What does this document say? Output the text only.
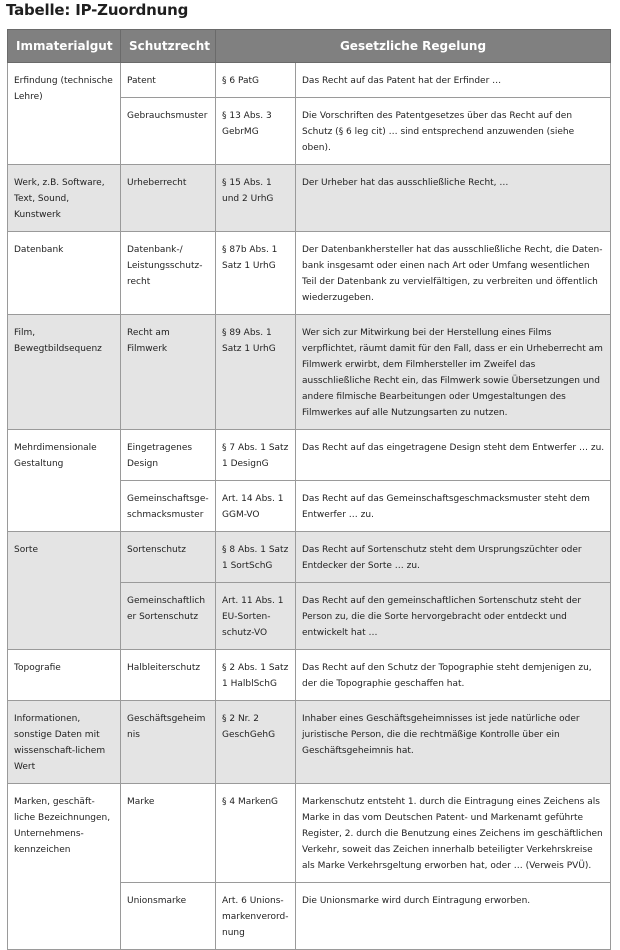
Tabelle: IP-Zuordnung
Immaterialgut	Schutzrecht	Gesetzliche Regelung	
Erfindung (technische Lehre)	Patent	§ 6 PatG	Das Recht auf das Patent hat der Erfinder …
	Gebrauchsmuster	§ 13 Abs. 3 GebrMG	Die Vorschriften des Patentgesetzes über das Recht auf den Schutz (§ 6 leg cit) … sind entsprechend anzuwenden (siehe oben).
Werk, z.B. Software, Text, Sound, Kunstwerk	Urheberrecht	§ 15 Abs. 1 und 2 UrhG	Der Urheber hat das ausschließliche Recht, …
Datenbank	Datenbank-/ Leistungsschutz-recht	§ 87b Abs. 1 Satz 1 UrhG	Der Datenbankhersteller hat das ausschließliche Recht, die Daten-bank insgesamt oder einen nach Art oder Umfang wesentlichen Teil der Datenbank zu vervielfältigen, zu verbreiten und öffentlich wiederzugeben.
Film, Bewegtbildsequenz	Recht am Filmwerk	§ 89 Abs. 1 Satz 1 UrhG	Wer sich zur Mitwirkung bei der Herstellung eines Films verpflichtet, räumt damit für den Fall, dass er ein Urheberrecht am Filmwerk erwirbt, dem Filmhersteller im Zweifel das ausschließliche Recht ein, das Filmwerk sowie Übersetzungen und andere filmische Bearbeitungen oder Umgestaltungen des Filmwerkes auf alle Nutzungsarten zu nutzen.
Mehrdimensionale Gestaltung	Eingetragenes Design	§ 7 Abs. 1 Satz 1 DesignG	Das Recht auf das eingetragene Design steht dem Entwerfer … zu.
	Gemeinschaftsge-schmacksmuster	Art. 14 Abs. 1 GGM-VO	Das Recht auf das Gemeinschaftsgeschmacksmuster steht dem Entwerfer … zu.
Sorte	Sortenschutz	§ 8 Abs. 1 Satz 1 SortSchG	Das Recht auf Sortenschutz steht dem Ursprungszüchter oder Entdecker der Sorte … zu.
	Gemeinschaftlicher Sortenschutz	Art. 11 Abs. 1 EU-Sorten-schutz-VO	Das Recht auf den gemeinschaftlichen Sortenschutz steht der Person zu, die die Sorte hervorgebracht oder entdeckt und entwickelt hat …
Topografie	Halbleiterschutz	§ 2 Abs. 1 Satz 1 HalblSchG	Das Recht auf den Schutz der Topographie steht demjenigen zu, der die Topographie geschaffen hat.
Informationen, sonstige Daten mit wissenschaft-lichem Wert	Geschäftsgeheimnis	§ 2 Nr. 2 GeschGehG	Inhaber eines Geschäftsgeheimnisses ist jede natürliche oder juristische Person, die die rechtmäßige Kontrolle über ein Geschäftsgeheimnis hat.
Marken, geschäft-liche Bezeichnungen, Unternehmens-kennzeichen	Marke	§ 4 MarkenG	Markenschutz entsteht 1. durch die Eintragung eines Zeichens als Marke in das vom Deutschen Patent- und Markenamt geführte Register, 2. durch die Benutzung eines Zeichens im geschäftlichen Verkehr, soweit das Zeichen innerhalb beteiligter Verkehrskreise als Marke Verkehrsgeltung erworben hat, oder … (Verweis PVÜ).
	Unionsmarke	Art. 6 Unions-markenverord-nung	Die Unionsmarke wird durch Eintragung erworben.
